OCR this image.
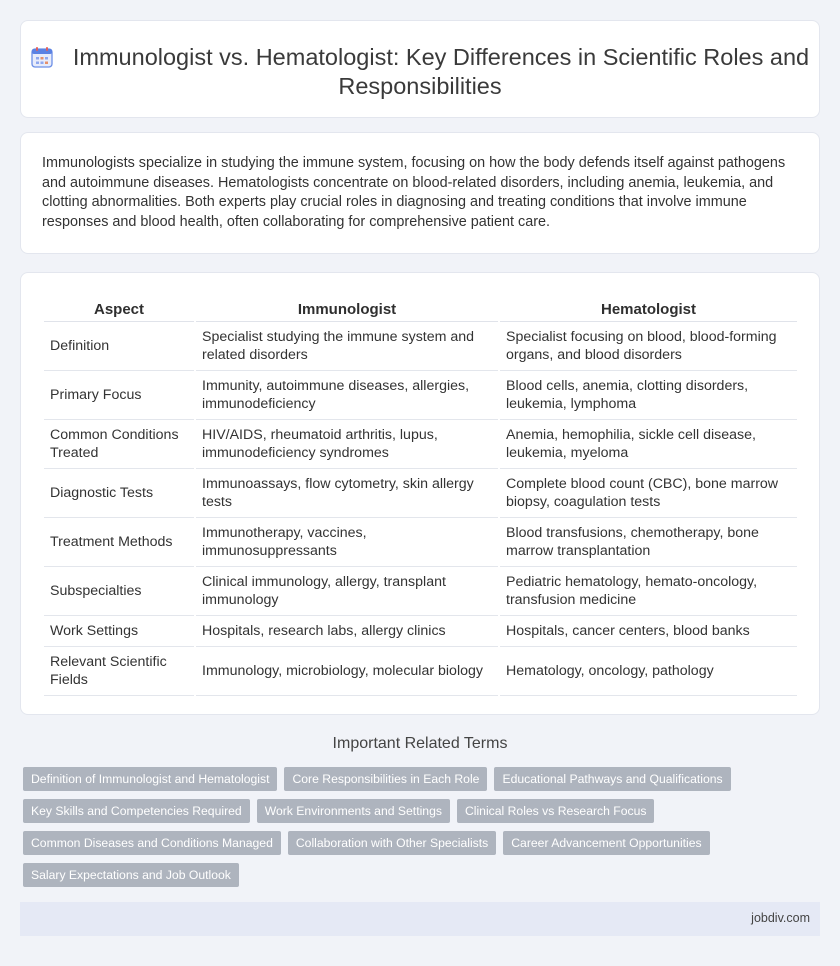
Immunologist vs. Hematologist: Key Differences in Scientific Roles and Responsibilities

Immunologists specialize in studying the immune system, focusing on how the body defends itself against pathogens and autoimmune diseases. Hematologists concentrate on blood-related disorders, including anemia, leukemia, and clotting abnormalities. Both experts play crucial roles in diagnosing and treating conditions that involve immune responses and blood health, often collaborating for comprehensive patient care.

Aspect	Immunologist	Hematologist
Definition	Specialist studying the immune system and related disorders	Specialist focusing on blood, blood-forming organs, and blood disorders
Primary Focus	Immunity, autoimmune diseases, allergies, immunodeficiency	Blood cells, anemia, clotting disorders, leukemia, lymphoma
Common Conditions Treated	HIV/AIDS, rheumatoid arthritis, lupus, immunodeficiency syndromes	Anemia, hemophilia, sickle cell disease, leukemia, myeloma
Diagnostic Tests	Immunoassays, flow cytometry, skin allergy tests	Complete blood count (CBC), bone marrow biopsy, coagulation tests
Treatment Methods	Immunotherapy, vaccines, immunosuppressants	Blood transfusions, chemotherapy, bone marrow transplantation
Subspecialties	Clinical immunology, allergy, transplant immunology	Pediatric hematology, hemato-oncology, transfusion medicine
Work Settings	Hospitals, research labs, allergy clinics	Hospitals, cancer centers, blood banks
Relevant Scientific Fields	Immunology, microbiology, molecular biology	Hematology, oncology, pathology
Important Related Terms
Definition of Immunologist and Hematologist	Core Responsibilities in Each Role	Educational Pathways and Qualifications
Key Skills and Competencies Required	Work Environments and Settings	Clinical Roles vs Research Focus
Common Diseases and Conditions Managed	Collaboration with Other Specialists	Career Advancement Opportunities
Salary Expectations and Job Outlook
jobdiv.com
